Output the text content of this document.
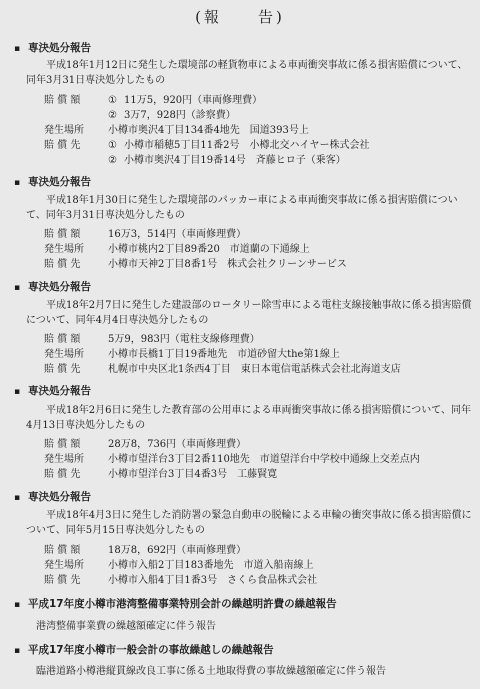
(報　　告)
▪ 専決処分報告
平成18年1月12日に発生した環境部の軽貨物車による車両衝突事故に係る損害賠償について、同年3月31日専決処分したもの
賠 償 額	① 11万5，920円（車両修理費）
② 3万7，928円（診察費）
発生場所 小樽市奥沢4丁目134番4地先　国道393号上
賠 償 先	① 小樽市稲穂5丁目11番2号　小樽北交ハイヤー株式会社
② 小樽市奥沢4丁目19番14号　斉藤ヒロ子（乗客）
▪ 専決処分報告
平成18年1月30日に発生した環境部のパッカー車による車両衝突事故に係る損害賠償について、同年3月31日専決処分したもの
賠 償 額	16万3，514円（車両修理費）
発生場所 小樽市桃内2丁目89番20　市道蘭の下通線上
賠 償 先	小樽市天神2丁目8番1号　株式会社クリーンサービス
▪ 専決処分報告
平成18年2月7日に発生した建設部のロータリー除雪車による電柱支線接触事故に係る損害賠償について、同年4月4日専決処分したもの
賠 償 額	5万9，983円（電柱支線修理費）
発生場所 小樽市長橋1丁目19番地先　市道砂留大the第1線上
賠 償 先	札幌市中央区北1条西4丁目　東日本電信電話株式会社北海道支店
▪ 専決処分報告
平成18年2月6日に発生した教育部の公用車による車両衝突事故に係る損害賠償について、同年4月13日専決処分したもの
賠 償 額	28万8，736円（車両修理費）
発生場所 小樽市望洋台3丁目2番110地先　市道望洋台中学校中通線上交差点内
賠 償 先	小樽市望洋台3丁目4番3号　工藤賢寛
▪ 専決処分報告
平成18年4月3日に発生した消防署の緊急自動車の脱輪による車輪の衝突事故に係る損害賠償について、同年5月15日専決処分したもの
賠 償 額	18万8，692円（車両修理費）
発生場所 小樽市入船2丁目183番地先　市道入船南線上
賠 償 先	小樽市入船4丁目1番3号　さくら食品株式会社
▪ 平成17年度小樽市港湾整備事業特別会計の繰越明許費の繰越報告
港湾整備事業費の繰越額確定に伴う報告
▪ 平成17年度小樽市一般会計の事故繰越しの繰越報告
臨港道路小樽港縦貫線改良工事に係る土地取得費の事故繰越額確定に伴う報告
